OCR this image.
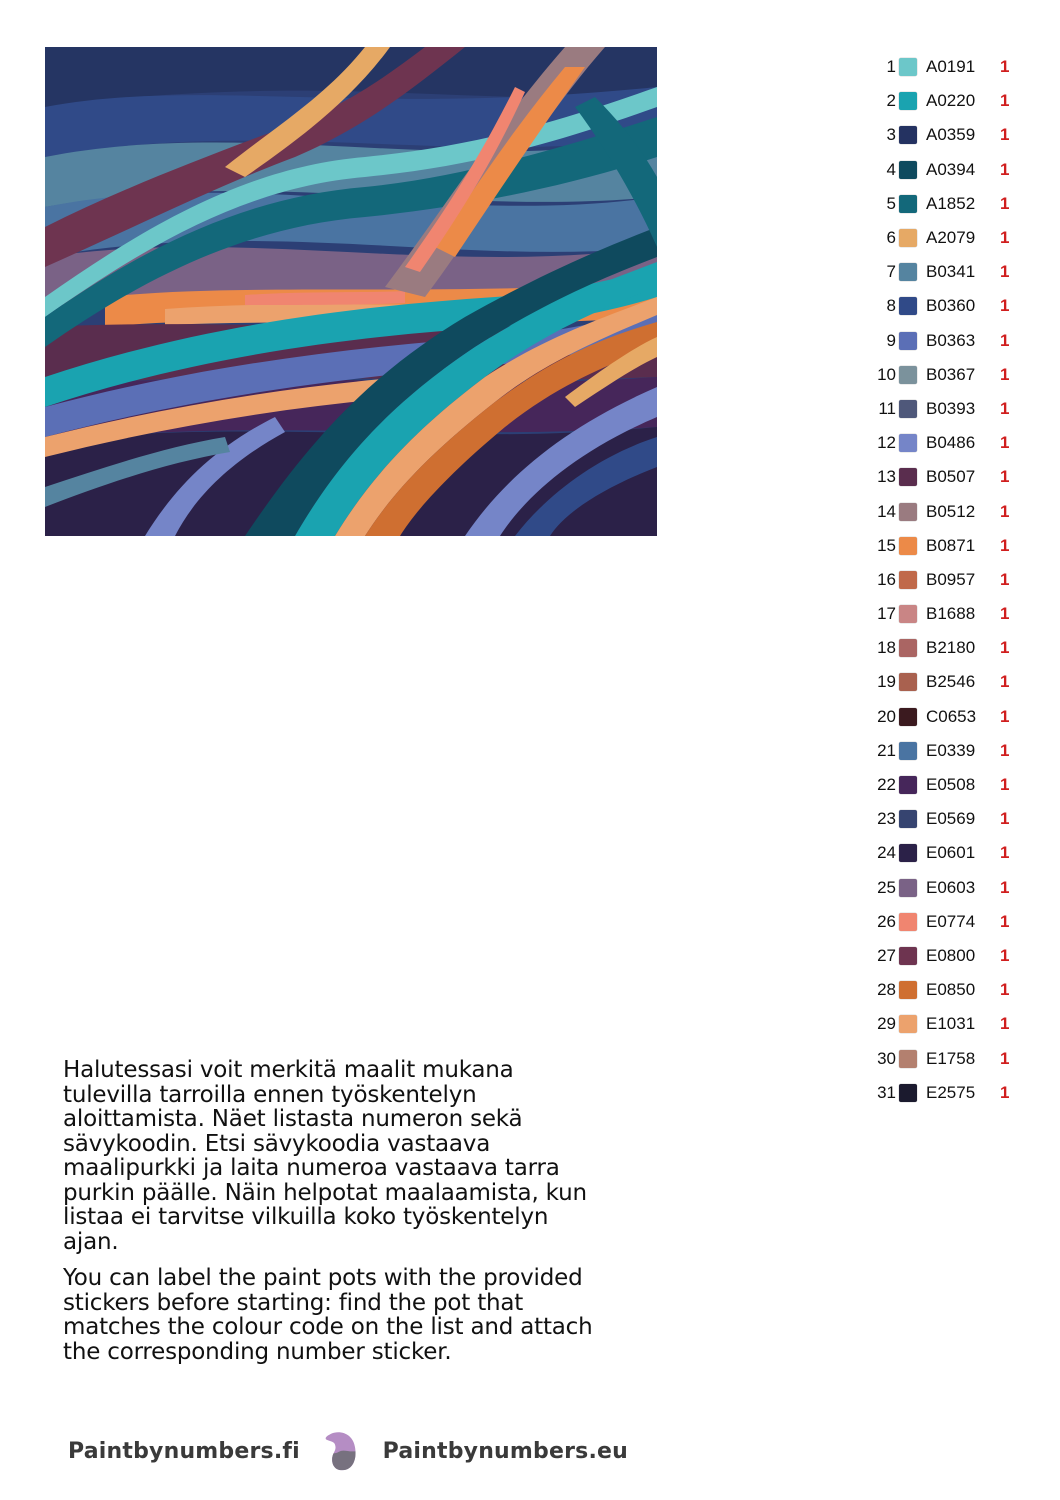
1 A0191	1
2 A0220	1
3 A0359	1
4 A0394	1
5 A1852	1
6 A2079	1
7 B0341	1
8 B0360	1
9 B0363	1
10 B0367	1
11 B0393	1
12 B0486	1
13 B0507	1
14 B0512	1
15 B0871	1
16 B0957	1
17 B1688	1
18 B2180	1
19 B2546	1
20 C0653	1
21 E0339	1
22 E0508	1
23 E0569	1
24 E0601	1
25 E0603	1
26 E0774	1
27 E0800	1
28 E0850	1
29 E1031	1
30 E1758	1
31 E2575	1

Halutessasi voit merkitä maalit mukana tulevilla tarroilla ennen työskentelyn aloittamista. Näet listasta numeron sekä sävykoodin. Etsi sävykoodia vastaava maalipurkki ja laita numeroa vastaava tarra purkin päälle. Näin helpotat maalaamista, kun listaa ei tarvitse vilkuilla koko työskentelyn ajan.

You can label the paint pots with the provided stickers before starting: find the pot that matches the colour code on the list and attach the corresponding number sticker.

Paintbynumbers.fi	Paintbynumbers.eu
